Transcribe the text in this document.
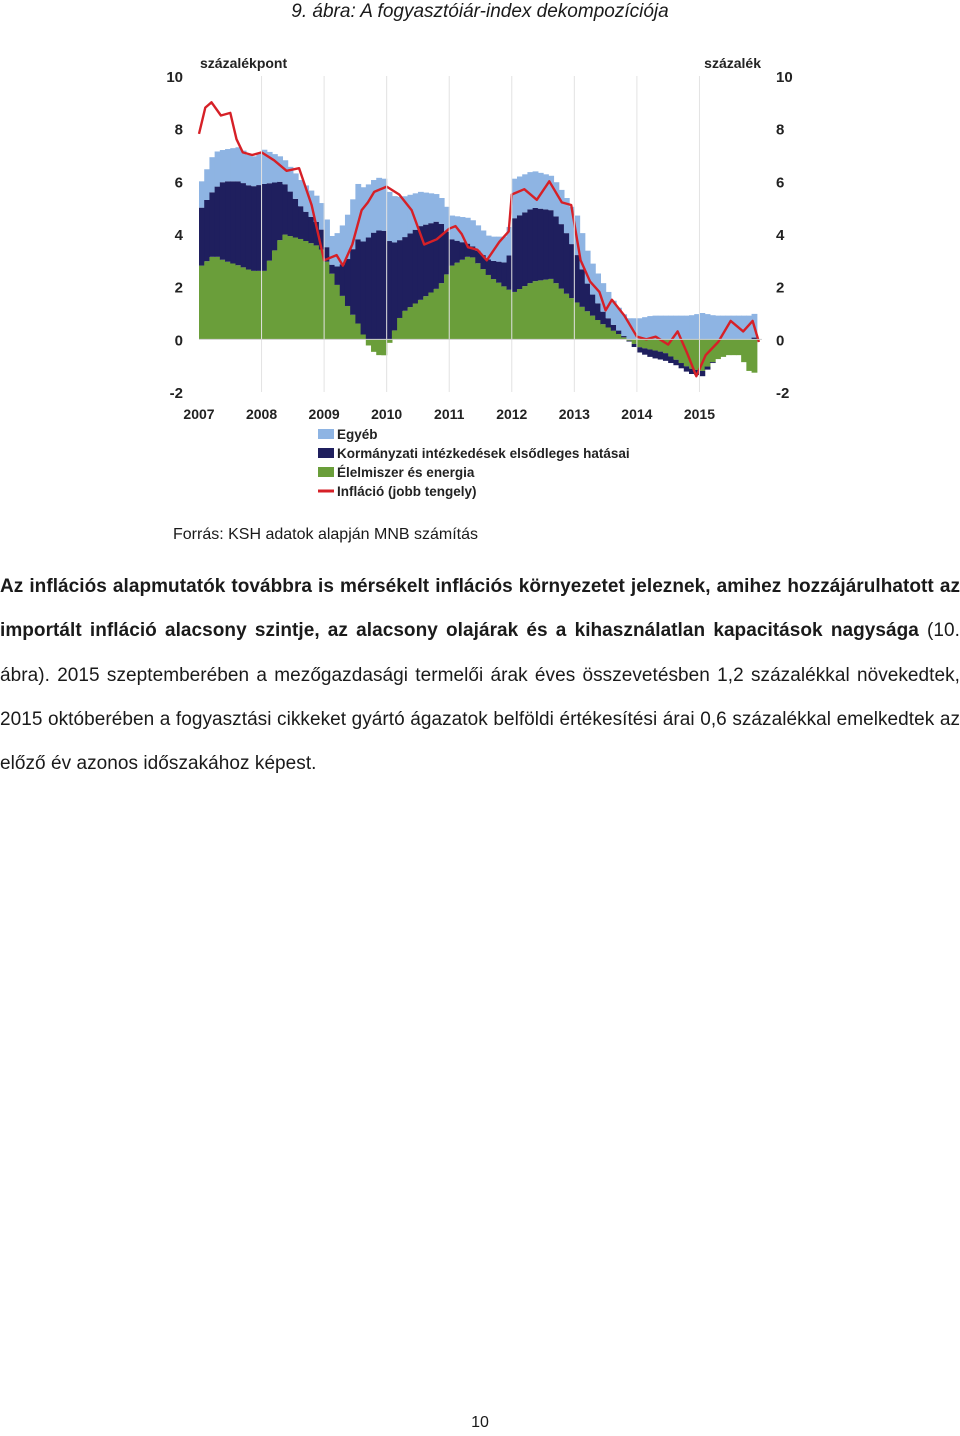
9. ábra: A fogyasztóiár-index dekompozíciója
10	10
8	8
6	6
4	4
2	2
0	0
-2	-2
százalékpont	százalék
2007 2008 2009 2010 2011 2012 2013 2014 2015
Egyéb
Kormányzati intézkedések elsődleges hatásai
Élelmiszer és energia
Infláció (jobb tengely)
Forrás: KSH adatok alapján MNB számítás

Az inflációs alapmutatók továbbra is mérsékelt inflációs környezetet jeleznek, amihez hozzájárulhatott az importált infláció alacsony szintje, az alacsony olajárak és a kihasználatlan kapacitások nagysága (10. ábra). 2015 szeptemberében a mezőgazdasági termelői árak éves összevetésben 1,2 százalékkal növekedtek, 2015 októberében a fogyasztási cikkeket gyártó ágazatok belföldi értékesítési árai 0,6 százalékkal emelkedtek az előző év azonos időszakához képest.

10
